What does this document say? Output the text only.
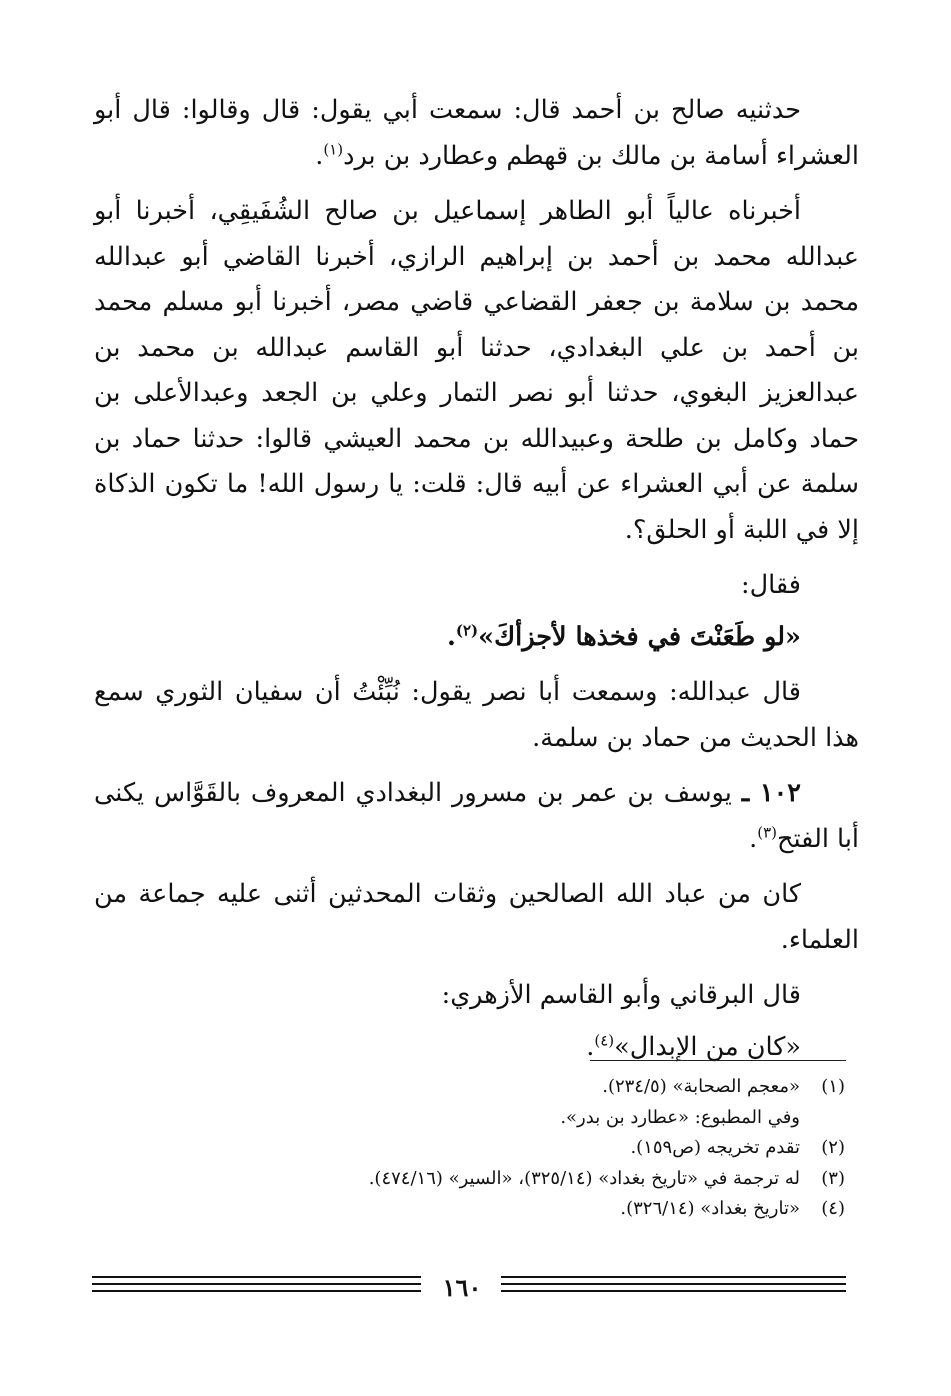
حدثنيه صالح بن أحمد قال: سمعت أبي يقول: قال وقالوا: قال أبو العشراء أسامة بن مالك بن قهطم وعطارد بن برد$^{(١)}$.

أخبرناه عالياً أبو الطاهر إسماعيل بن صالح الشُفَيقِي، أخبرنا أبو عبدالله محمد بن أحمد بن إبراهيم الرازي، أخبرنا القاضي أبو عبدالله محمد بن سلامة بن جعفر القضاعي قاضي مصر، أخبرنا أبو مسلم محمد بن أحمد بن علي البغدادي، حدثنا أبو القاسم عبدالله بن محمد بن عبدالعزيز البغوي، حدثنا أبو نصر التمار وعلي بن الجعد وعبدالأعلى بن حماد وكامل بن طلحة وعبيدالله بن محمد العيشي قالوا: حدثنا حماد بن سلمة عن أبي العشراء عن أبيه قال: قلت: يا رسول الله! ما تكون الذكاة إلا في اللبة أو الحلق؟.

فقال:

«لو طَعَنْتَ في فخذها لأجزأكَ»$^{(٢)}$.

قال عبدالله: وسمعت أبا نصر يقول: نُبِّئْتُ أن سفيان الثوري سمع هذا الحديث من حماد بن سلمة.

١٠٢ ـ يوسف بن عمر بن مسرور البغدادي المعروف بالقَوَّاس يكنى أبا الفتح$^{(٣)}$.

كان من عباد الله الصالحين وثقات المحدثين أثنى عليه جماعة من العلماء.

قال البرقاني وأبو القاسم الأزهري:

«كان من الإبدال»$^{(٤)}$.

(١)
«معجم الصحابة» (٢٣٤/٥).
وفي المطبوع: «عطارد بن بدر».
(٢)
تقدم تخريجه (ص١٥٩).
(٣)
له ترجمة في «تاريخ بغداد» (٣٢٥/١٤)، «السير» (٤٧٤/١٦).
(٤)
«تاريخ بغداد» (٣٢٦/١٤).
١٦٠
